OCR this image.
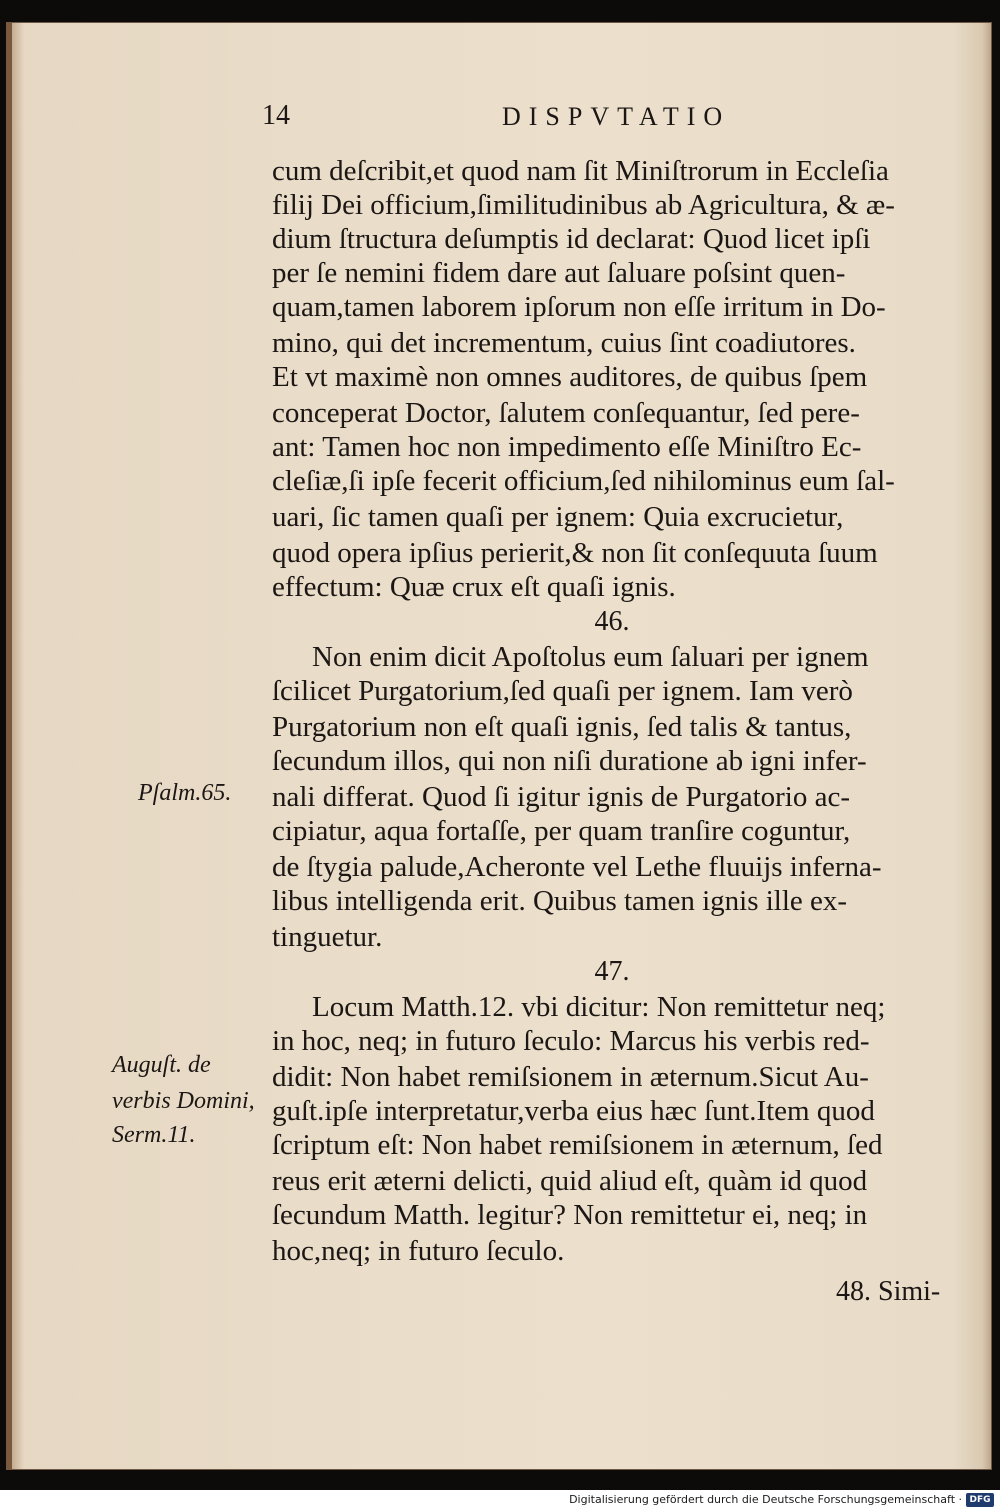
14	DISPVTATIO
cum deſcribit,et quod nam ſit Miniſtrorum in Eccleſia
filij Dei officium,ſimilitudinibus ab Agricultura, & æ-
dium ſtructura deſumptis id declarat: Quod licet ipſi
per ſe nemini fidem dare aut ſaluare poſsint quen-
quam,tamen laborem ipſorum non eſſe irritum in Do-
mino, qui det incrementum, cuius ſint coadiutores.
Et vt maximè non omnes auditores, de quibus ſpem
conceperat Doctor, ſalutem conſequantur, ſed pere-
ant: Tamen hoc non impedimento eſſe Miniſtro Ec-
cleſiæ,ſi ipſe fecerit officium,ſed nihilominus eum ſal-
uari, ſic tamen quaſi per ignem: Quia excrucietur,
quod opera ipſius perierit,& non ſit conſequuta ſuum
effectum: Quæ crux eſt quaſi ignis.
46.
Non enim dicit Apoſtolus eum ſaluari per ignem
ſcilicet Purgatorium,ſed quaſi per ignem. Iam verò
Purgatorium non eſt quaſi ignis, ſed talis & tantus,
ſecundum illos, qui non niſi duratione ab igni infer-
nali differat. Quod ſi igitur ignis de Purgatorio ac-
cipiatur, aqua fortaſſe, per quam tranſire coguntur,
de ſtygia palude,Acheronte vel Lethe fluuijs inferna-
libus intelligenda erit. Quibus tamen ignis ille ex-
tinguetur.
47.
Locum Matth.12. vbi dicitur: Non remittetur neq;
in hoc, neq; in futuro ſeculo: Marcus his verbis red-
didit: Non habet remiſsionem in æternum.Sicut Au-
guſt.ipſe interpretatur,verba eius hæc ſunt.Item quod
ſcriptum eſt: Non habet remiſsionem in æternum, ſed
reus erit æterni delicti, quid aliud eſt, quàm id quod
ſecundum Matth. legitur? Non remittetur ei, neq; in
hoc,neq; in futuro ſeculo.
Pſalm.65.
Auguſt. de
verbis Domini,
Serm.11.
48. Simi-
Digitalisierung gefördert durch die Deutsche Forschungsgemeinschaft · DFG
